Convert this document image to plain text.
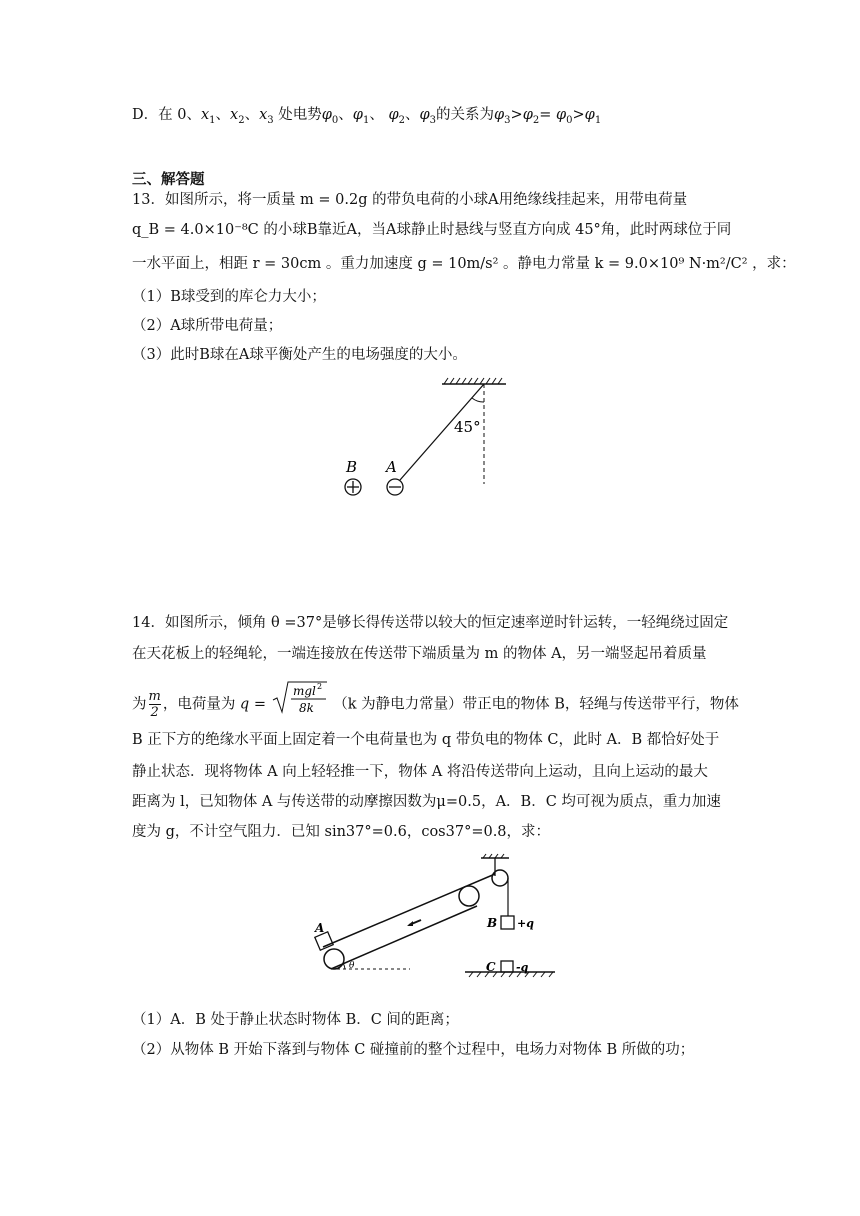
D．在 0、$x_1$、$x_2$、$x_3$ 处电势$\varphi_0$、$\varphi_1$、 $\varphi_2$、$\varphi_3$的关系为$\varphi_3>\varphi_2= \varphi_0>\varphi_1$
三、解答题
13．如图所示，将一质量 m = 0.2g 的带负电荷的小球A用绝缘线挂起来，用带电荷量
q_B = 4.0×10⁻⁸C 的小球B靠近A，当A球静止时悬线与竖直方向成 45°角，此时两球位于同
一水平面上，相距 r = 30cm 。重力加速度 g = 10m/s² 。静电力常量 k = 9.0×10⁹ N·m²/C² ，求：
（1）B球受到的库仑力大小；
（2）A球所带电荷量；
（3）此时B球在A球平衡处产生的电场强度的大小。
45°
B A
14．如图所示，倾角 θ =37°是够长得传送带以较大的恒定速率逆时针运转，一轻绳绕过固定
在天花板上的轻绳轮，一端连接放在传送带下端质量为 m 的物体 A，另一端竖起吊着质量
为 $\frac{m}{2}$ ，电荷量为 q =
mgl 2
8k （k 为静电力常量）带正电的物体 B，轻绳与传送带平行，物体
B 正下方的绝缘水平面上固定着一个电荷量也为 q 带负电的物体 C，此时 A．B 都恰好处于
静止状态．现将物体 A 向上轻轻推一下，物体 A 将沿传送带向上运动，且向上运动的最大
距离为 l，已知物体 A 与传送带的动摩擦因数为μ=0.5，A．B．C 均可视为质点，重力加速
度为 g，不计空气阻力．已知 sin37°=0.6，cos37°=0.8，求：
A
θ
B +q
C -q
（1）A．B 处于静止状态时物体 B．C 间的距离；
（2）从物体 B 开始下落到与物体 C 碰撞前的整个过程中，电场力对物体 B 所做的功；
